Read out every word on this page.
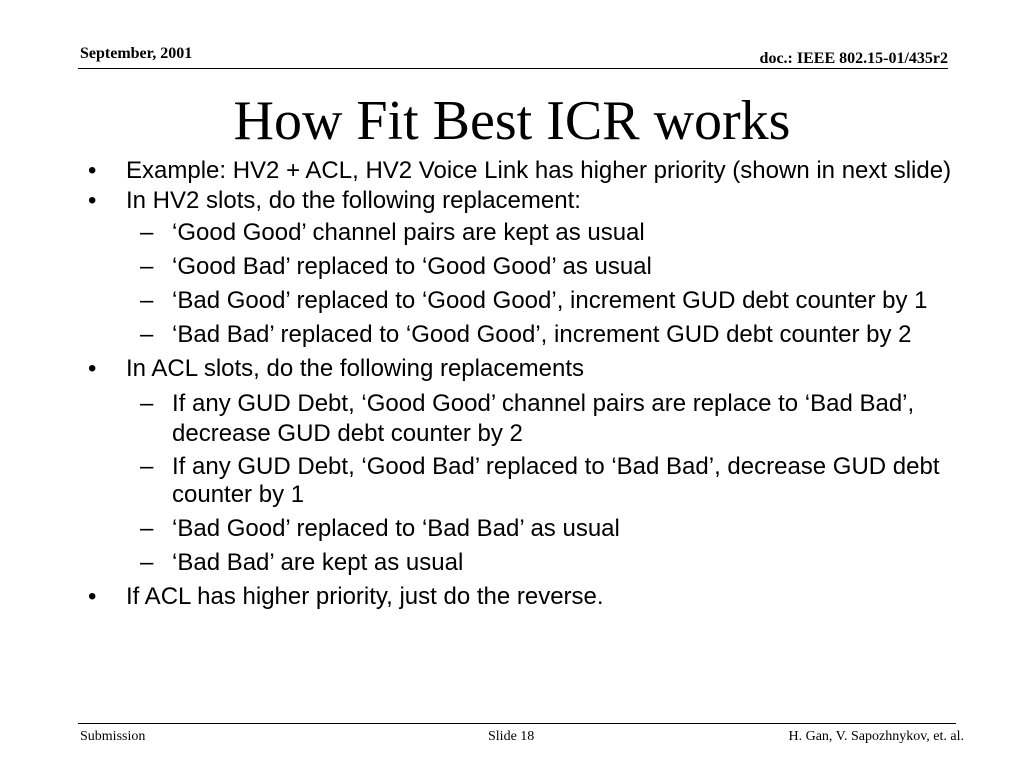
September, 2001	doc.: IEEE 802.15-01/435r2
How Fit Best ICR works
• Example: HV2 + ACL, HV2 Voice Link has higher priority (shown in next slide)
• In HV2 slots, do the following replacement:
– ‘Good Good’ channel pairs are kept as usual
– ‘Good Bad’ replaced to ‘Good Good’ as usual
– ‘Bad Good’ replaced to ‘Good Good’, increment GUD debt counter by 1
– ‘Bad Bad’ replaced to ‘Good Good’, increment GUD debt counter by 2
• In ACL slots, do the following replacements
– If any GUD Debt, ‘Good Good’ channel pairs are replace to ‘Bad Bad’, decrease GUD debt counter by 2
– If any GUD Debt, ‘Good Bad’ replaced to ‘Bad Bad’, decrease GUD debt counter by 1
– ‘Bad Good’ replaced to ‘Bad Bad’ as usual
– ‘Bad Bad’ are kept as usual
• If ACL has higher priority, just do the reverse.
Submission	Slide 18	H. Gan, V. Sapozhnykov, et. al.
